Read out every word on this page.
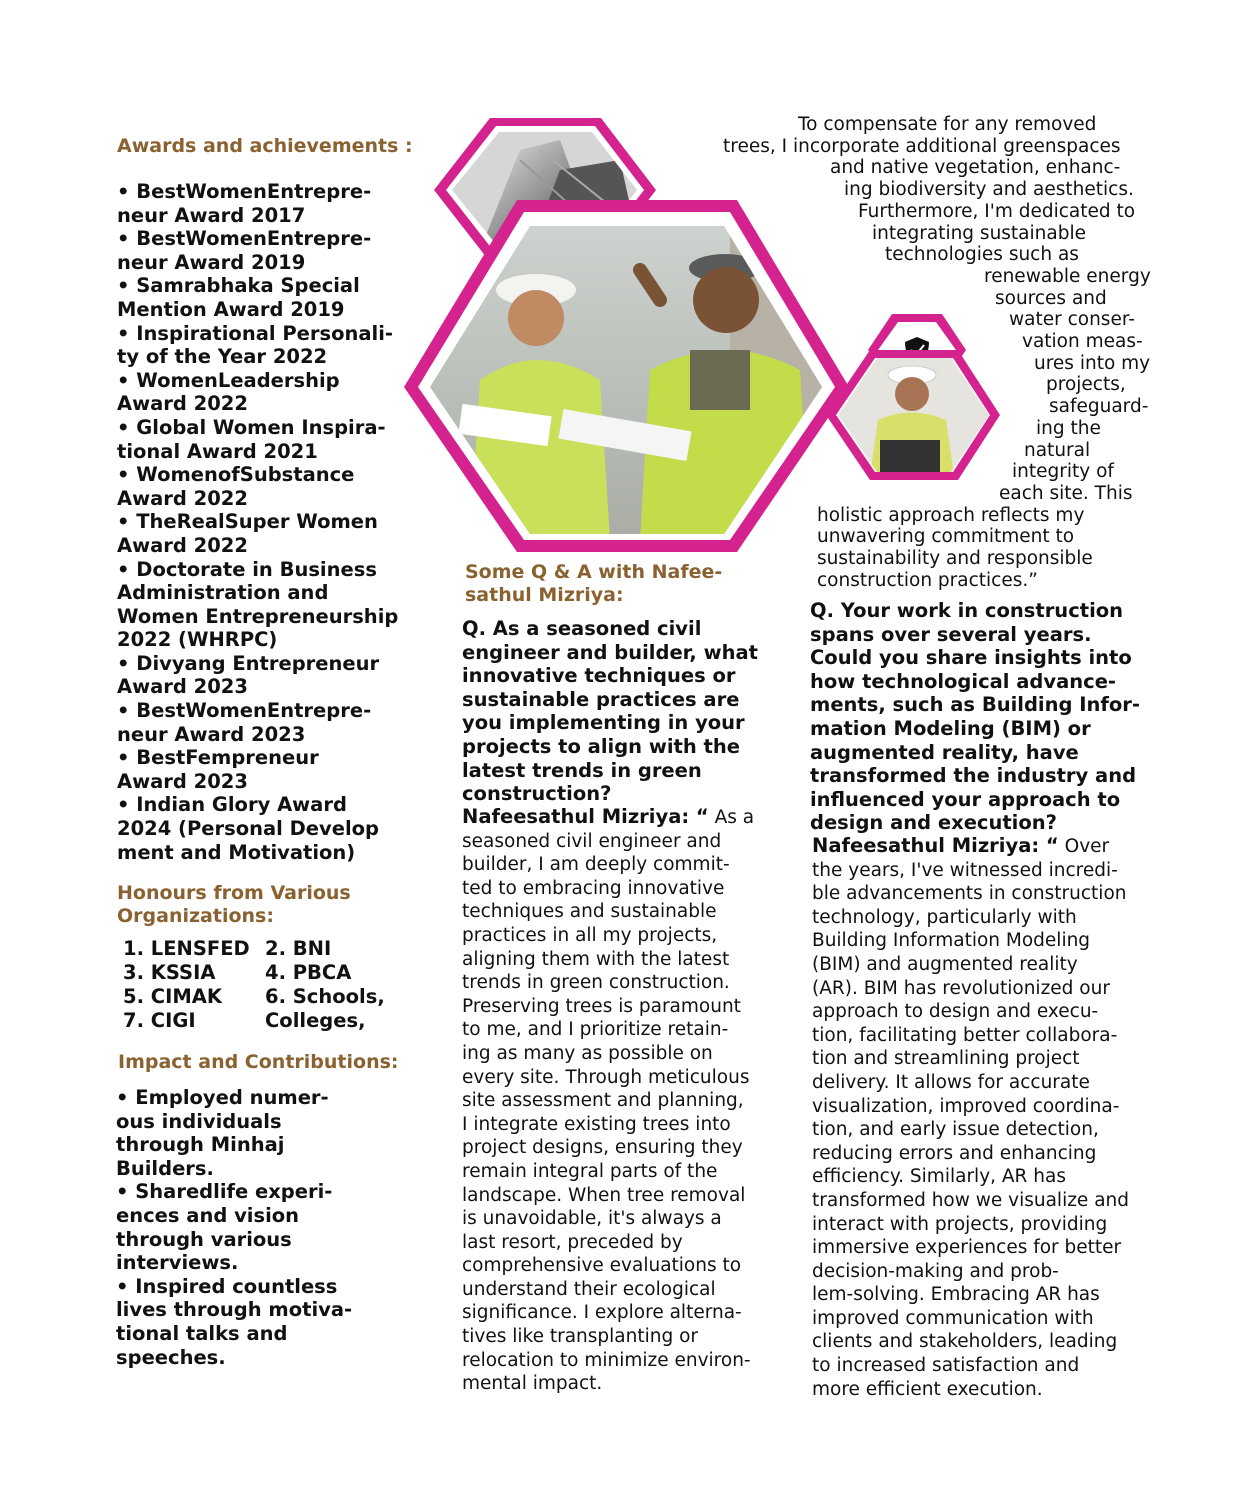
Awards and achievements :
• BestWomenEntrepre-
neur Award 2017
• BestWomenEntrepre-
neur Award 2019
• Samrabhaka Special
Mention Award 2019
• Inspirational Personali-
ty of the Year 2022
• WomenLeadership
Award 2022
• Global Women Inspira-
tional Award 2021
• WomenofSubstance
Award 2022
• TheRealSuper Women
Award 2022
• Doctorate in Business
Administration and
Women Entrepreneurship
2022 (WHRPC)
• Divyang Entrepreneur
Award 2023
• BestWomenEntrepre-
neur Award 2023
• BestFempreneur
Award 2023
• Indian Glory Award
2024 (Personal Develop
ment and Motivation)
Honours from Various
Organizations:
1. LENSFED 2. BNI
3. KSSIA	4. PBCA
5. CIMAK	6. Schools,
7. CIGI	Colleges,
Impact and Contributions:
• Employed numer-
ous individuals
through Minhaj
Builders.
• Sharedlife experi-
ences and vision
through various
interviews.
• Inspired countless
lives through motiva-
tional talks and
speeches.
Some Q & A with Nafee-
sathul Mizriya:
Q. As a seasoned civil
engineer and builder, what
innovative techniques or
sustainable practices are
you implementing in your
projects to align with the
latest trends in green
construction?
Nafeesathul Mizriya: “ As a
seasoned civil engineer and
builder, I am deeply commit-
ted to embracing innovative
techniques and sustainable
practices in all my projects,
aligning them with the latest
trends in green construction.
Preserving trees is paramount
to me, and I prioritize retain-
ing as many as possible on
every site. Through meticulous
site assessment and planning,
I integrate existing trees into
project designs, ensuring they
remain integral parts of the
landscape. When tree removal
is unavoidable, it's always a
last resort, preceded by
comprehensive evaluations to
understand their ecological
significance. I explore alterna-
tives like transplanting or
relocation to minimize environ-
mental impact.
To compensate for any removed
trees, I incorporate additional greenspaces
and native vegetation, enhanc-
ing biodiversity and aesthetics.
Furthermore, I'm dedicated to
integrating sustainable
technologies such as
renewable energy
sources and
water conser-
vation meas-
ures into my
projects,
safeguard-
ing the
natural
integrity of
each site. This
holistic approach reflects my
unwavering commitment to
sustainability and responsible
construction practices.”
Q. Your work in construction
spans over several years.
Could you share insights into
how technological advance-
ments, such as Building Infor-
mation Modeling (BIM) or
augmented reality, have
transformed the industry and
influenced your approach to
design and execution?
Nafeesathul Mizriya: “ Over
the years, I've witnessed incredi-
ble advancements in construction
technology, particularly with
Building Information Modeling
(BIM) and augmented reality
(AR). BIM has revolutionized our
approach to design and execu-
tion, facilitating better collabora-
tion and streamlining project
delivery. It allows for accurate
visualization, improved coordina-
tion, and early issue detection,
reducing errors and enhancing
efficiency. Similarly, AR has
transformed how we visualize and
interact with projects, providing
immersive experiences for better
decision-making and prob-
lem-solving. Embracing AR has
improved communication with
clients and stakeholders, leading
to increased satisfaction and
more efficient execution.
